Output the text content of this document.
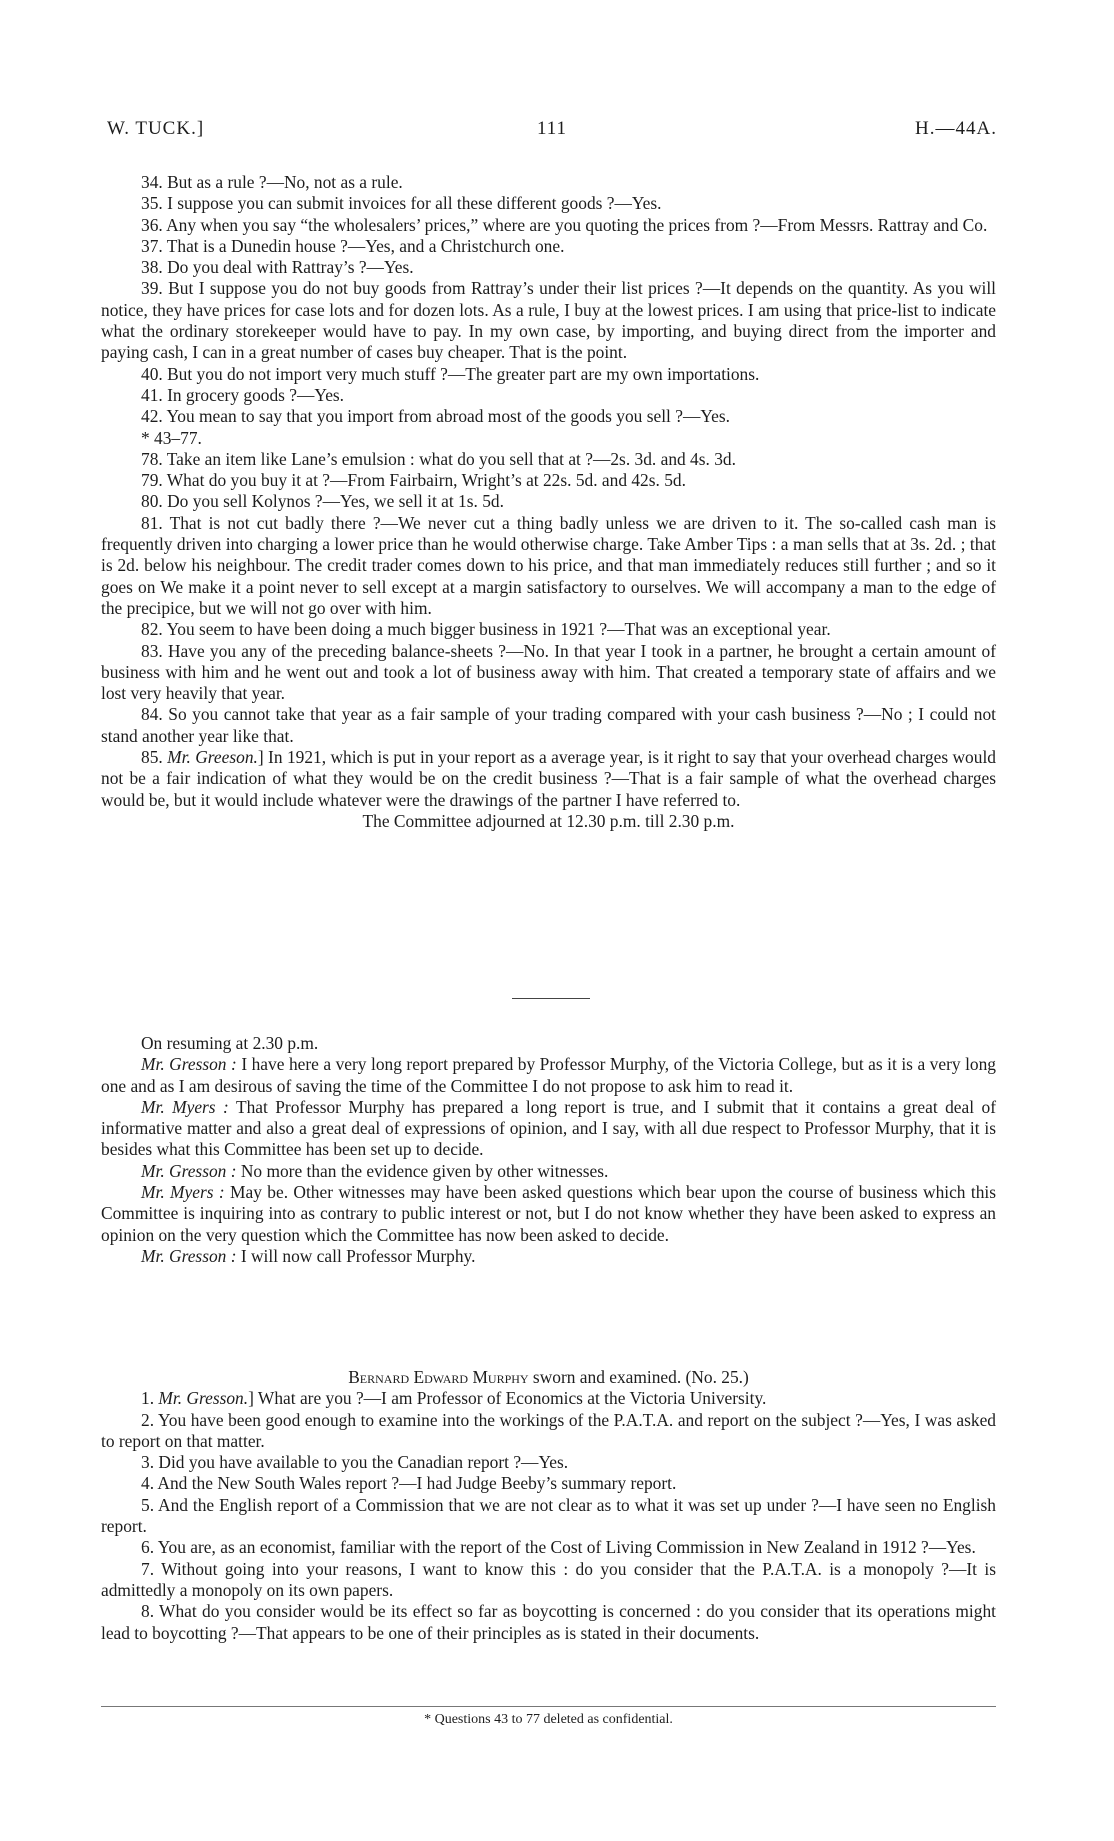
W. TUCK.]	111	H.—44A.

34. But as a rule ?—No, not as a rule.

35. I suppose you can submit invoices for all these different goods ?—Yes.

36. Any when you say “the wholesalers’ prices,” where are you quoting the prices from ?—From Messrs. Rattray and Co.

37. That is a Dunedin house ?—Yes, and a Christchurch one.

38. Do you deal with Rattray’s ?—Yes.

39. But I suppose you do not buy goods from Rattray’s under their list prices ?—It depends on the quantity. As you will notice, they have prices for case lots and for dozen lots. As a rule, I buy at the lowest prices. I am using that price-list to indicate what the ordinary storekeeper would have to pay. In my own case, by importing, and buying direct from the importer and paying cash, I can in a great number of cases buy cheaper. That is the point.

40. But you do not import very much stuff ?—The greater part are my own importations.

41. In grocery goods ?—Yes.

42. You mean to say that you import from abroad most of the goods you sell ?—Yes.

* 43–77.

78. Take an item like Lane’s emulsion : what do you sell that at ?—2s. 3d. and 4s. 3d.

79. What do you buy it at ?—From Fairbairn, Wright’s at 22s. 5d. and 42s. 5d.

80. Do you sell Kolynos ?—Yes, we sell it at 1s. 5d.

81. That is not cut badly there ?—We never cut a thing badly unless we are driven to it. The so-called cash man is frequently driven into charging a lower price than he would otherwise charge. Take Amber Tips : a man sells that at 3s. 2d. ; that is 2d. below his neighbour. The credit trader comes down to his price, and that man immediately reduces still further ; and so it goes on We make it a point never to sell except at a margin satisfactory to ourselves. We will accompany a man to the edge of the precipice, but we will not go over with him.

82. You seem to have been doing a much bigger business in 1921 ?—That was an exceptional year.

83. Have you any of the preceding balance-sheets ?—No. In that year I took in a partner, he brought a certain amount of business with him and he went out and took a lot of business away with him. That created a temporary state of affairs and we lost very heavily that year.

84. So you cannot take that year as a fair sample of your trading compared with your cash business ?—No ; I could not stand another year like that.

85. Mr. Greeson.] In 1921, which is put in your report as a average year, is it right to say that your overhead charges would not be a fair indication of what they would be on the credit business ?—That is a fair sample of what the overhead charges would be, but it would include whatever were the drawings of the partner I have referred to.

The Committee adjourned at 12.30 p.m. till 2.30 p.m.

On resuming at 2.30 p.m.

Mr. Gresson : I have here a very long report prepared by Professor Murphy, of the Victoria College, but as it is a very long one and as I am desirous of saving the time of the Committee I do not propose to ask him to read it.

Mr. Myers : That Professor Murphy has prepared a long report is true, and I submit that it contains a great deal of informative matter and also a great deal of expressions of opinion, and I say, with all due respect to Professor Murphy, that it is besides what this Committee has been set up to decide.

Mr. Gresson : No more than the evidence given by other witnesses.

Mr. Myers : May be. Other witnesses may have been asked questions which bear upon the course of business which this Committee is inquiring into as contrary to public interest or not, but I do not know whether they have been asked to express an opinion on the very question which the Committee has now been asked to decide.

Mr. Gresson : I will now call Professor Murphy.

Bernard Edward Murphy sworn and examined. (No. 25.)

1. Mr. Gresson.] What are you ?—I am Professor of Economics at the Victoria University.

2. You have been good enough to examine into the workings of the P.A.T.A. and report on the subject ?—Yes, I was asked to report on that matter.

3. Did you have available to you the Canadian report ?—Yes.

4. And the New South Wales report ?—I had Judge Beeby’s summary report.

5. And the English report of a Commission that we are not clear as to what it was set up under ?—I have seen no English report.

6. You are, as an economist, familiar with the report of the Cost of Living Commission in New Zealand in 1912 ?—Yes.

7. Without going into your reasons, I want to know this : do you consider that the P.A.T.A. is a monopoly ?—It is admittedly a monopoly on its own papers.

8. What do you consider would be its effect so far as boycotting is concerned : do you consider that its operations might lead to boycotting ?—That appears to be one of their principles as is stated in their documents.

* Questions 43 to 77 deleted as confidential.
